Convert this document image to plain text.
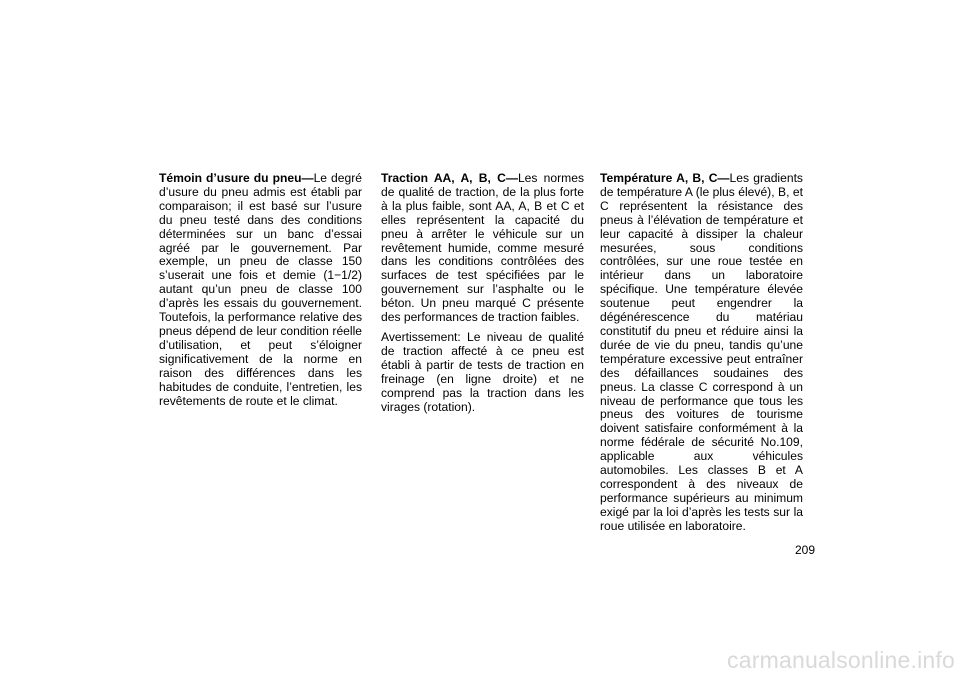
Témoin d’usure du pneu—Le degré d’usure du pneu admis est établi par comparaison; il est basé sur l’usure du pneu testé dans des conditions déterminées sur un banc d’essai agréé par le gouvernement. Par exemple, un pneu de classe 150 s’userait une fois et demie (1−1/2) autant qu’un pneu de classe 100 d’après les essais du gouvernement. Toutefois, la performance relative des pneus dépend de leur condition réelle d’utilisation, et peut s’éloigner significativement de la norme en raison des différences dans les habitudes de conduite, l’entretien, les revêtements de route et le climat.

Traction AA, A, B, C—Les normes de qualité de traction, de la plus forte à la plus faible, sont AA, A, B et C et elles représentent la capacité du pneu à arrêter le véhicule sur un revêtement humide, comme mesuré dans les conditions contrôlées des surfaces de test spécifiées par le gouvernement sur l’asphalte ou le béton. Un pneu marqué C présente des performances de traction faibles.

Avertissement: Le niveau de qualité de traction affecté à ce pneu est établi à partir de tests de traction en freinage (en ligne droite) et ne comprend pas la traction dans les virages (rotation).

Température A, B, C—Les gradients de température A (le plus élevé), B, et C représentent la résistance des pneus à l’élévation de température et leur capacité à dissiper la chaleur mesurées, sous conditions contrôlées, sur une roue testée en intérieur dans un laboratoire spécifique. Une température élevée soutenue peut engendrer la dégénérescence du matériau constitutif du pneu et réduire ainsi la durée de vie du pneu, tandis qu’une température excessive peut entraîner des défaillances soudaines des pneus. La classe C correspond à un niveau de performance que tous les pneus des voitures de tourisme doivent satisfaire conformément à la norme fédérale de sécurité No.109, applicable aux véhicules automobiles. Les classes B et A correspondent à des niveaux de performance supérieurs au minimum exigé par la loi d’après les tests sur la roue utilisée en laboratoire.

209
carmanualsonline.info
